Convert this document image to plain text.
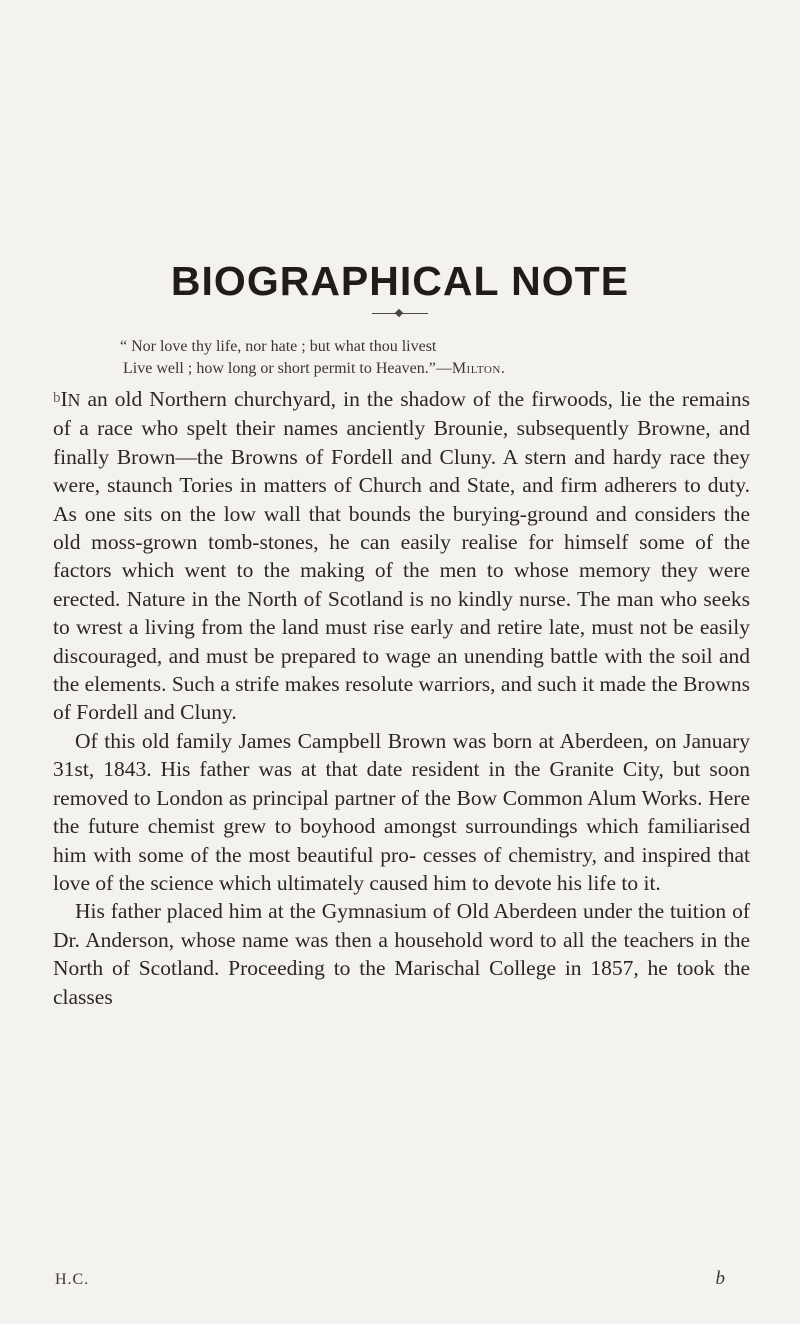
BIOGRAPHICAL NOTE
“ Nor love thy life, nor hate ; but what thou livest
Live well ; how long or short permit to Heaven.”—Milton.

bIN an old Northern churchyard, in the shadow of the firwoods, lie the remains of a race who spelt their names anciently Brounie, subsequently Browne, and finally Brown—the Browns of Fordell and Cluny. A stern and hardy race they were, staunch Tories in matters of Church and State, and firm adherers to duty. As one sits on the low wall that bounds the burying-ground and considers the old moss-grown tomb-stones, he can easily realise for himself some of the factors which went to the making of the men to whose memory they were erected. Nature in the North of Scotland is no kindly nurse. The man who seeks to wrest a living from the land must rise early and retire late, must not be easily discouraged, and must be prepared to wage an unending battle with the soil and the elements. Such a strife makes resolute warriors, and such it made the Browns of Fordell and Cluny.

Of this old family James Campbell Brown was born at Aberdeen, on January 31st, 1843. His father was at that date resident in the Granite City, but soon removed to London as principal partner of the Bow Common Alum Works. Here the future chemist grew to boyhood amongst surroundings which familiarised him with some of the most beautiful pro- cesses of chemistry, and inspired that love of the science which ultimately caused him to devote his life to it.

His father placed him at the Gymnasium of Old Aberdeen under the tuition of Dr. Anderson, whose name was then a household word to all the teachers in the North of Scotland. Proceeding to the Marischal College in 1857, he took the classes

H.C.	b
